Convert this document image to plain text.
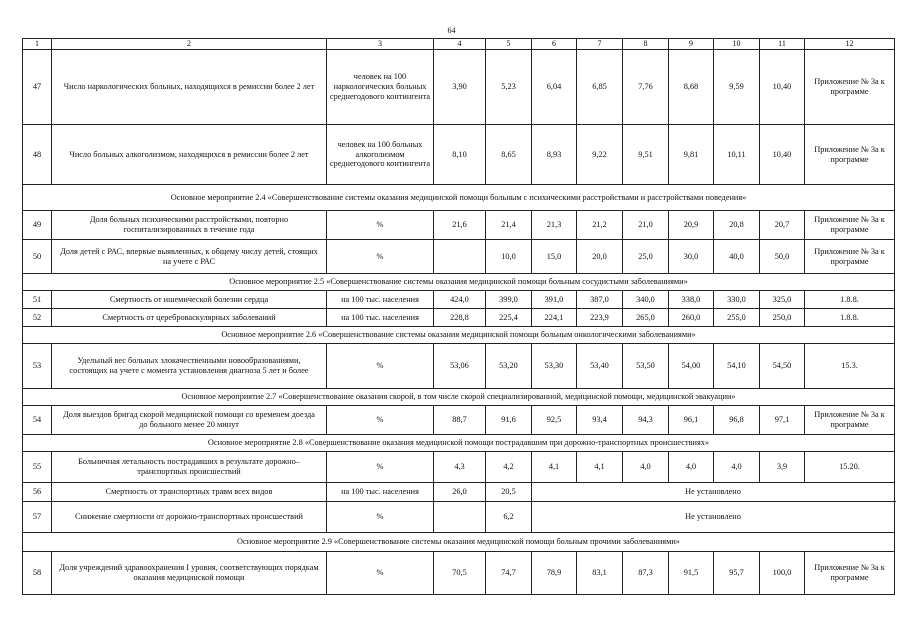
64
1	2	3	4	5	6	7	8	9	10	11	12	
47	Число наркологических больных, находящихся в ремиссии более 2 лет	человек на 100 наркологических больных среднегодового контингента	3,90	5,23	6,04	6,85	7,76	8,68	9,59	10,40	Приложение № 3а к программе	
48	Число больных алкоголизмом, находящихся в ремиссии более 2 лет	человек на 100 больных алкоголизмом среднегодового контингента	8,10	8,65	8,93	9,22	9,51	9,81	10,11	10,40	Приложение № 3а к программе	
Основное мероприятие 2.4 «Совершенствование системы оказания медицинской помощи больным с психическими расстройствами и расстройствами поведения»												
49	Доля больных психическими расстройствами, повторно госпитализированных в течение года	%	21,6	21,4	21,3	21,2	21,0	20,9	20,8	20,7	Приложение № 3а к программе	
50	Доля детей с РАС, впервые выявленных, к общему числу детей, стоящих на учете с РАС	%		10,0	15,0	20,0	25,0	30,0	40,0	50,0	Приложение № 3а к программе	
Основное мероприятие 2.5 «Совершенствование системы оказания медицинской помощи больным сосудистыми заболеваниями»												
51	Смертность от ишемической болезни сердца	на 100 тыс. населения	424,0	399,0	391,0	387,0	340,0	338,0	330,0	325,0	1.8.8.	
52	Смертность от цереброваскулярных заболеваний	на 100 тыс. населения	228,8	225,4	224,1	223,9	265,0	260,0	255,0	250,0	1.8.8.	
Основное мероприятие 2.6 «Совершенствование системы оказания медицинской помощи больным онкологическими заболеваниями»												
53	Удельный вес больных злокачественными новообразованиями, состоящих на учете с момента установления диагноза 5 лет и более	%	53,06	53,20	53,30	53,40	53,50	54,00	54,10	54,50	15.3.	
Основное мероприятие 2.7 «Совершенствование оказания скорой, в том числе скорой специализированной, медицинской помощи, медицинской эвакуации»												
54	Доля выездов бригад скорой медицинской помощи со временем доезда до больного менее 20 минут	%	88,7	91,6	92,5	93,4	94,3	96,1	96,8	97,1	Приложение № 3а к программе	
Основное мероприятие 2.8 «Совершенствование оказания медицинской помощи пострадавшим при дорожно-транспортных происшествиях»												
55	Больничная летальность пострадавших в результате дорожно–транспортных происшествий	%	4,3	4,2	4,1	4,1	4,0	4,0	4,0	3,9	15.20.	
56	Смертность от транспортных травм всех видов	на 100 тыс. населения	26,0	20,5	Не установлено							
57	Снижение смертности от дорожно-транспортных происшествий	%		6,2	Не установлено							
Основное мероприятие 2.9 «Совершенствование системы оказания медицинской помощи больным прочими заболеваниями»												
58	Доля учреждений здравоохранения I уровня, соответствующих порядкам оказания медицинской помощи	%	70,5	74,7	78,9	83,1	87,3	91,5	95,7	100,0	Приложение № 3а к программе	
